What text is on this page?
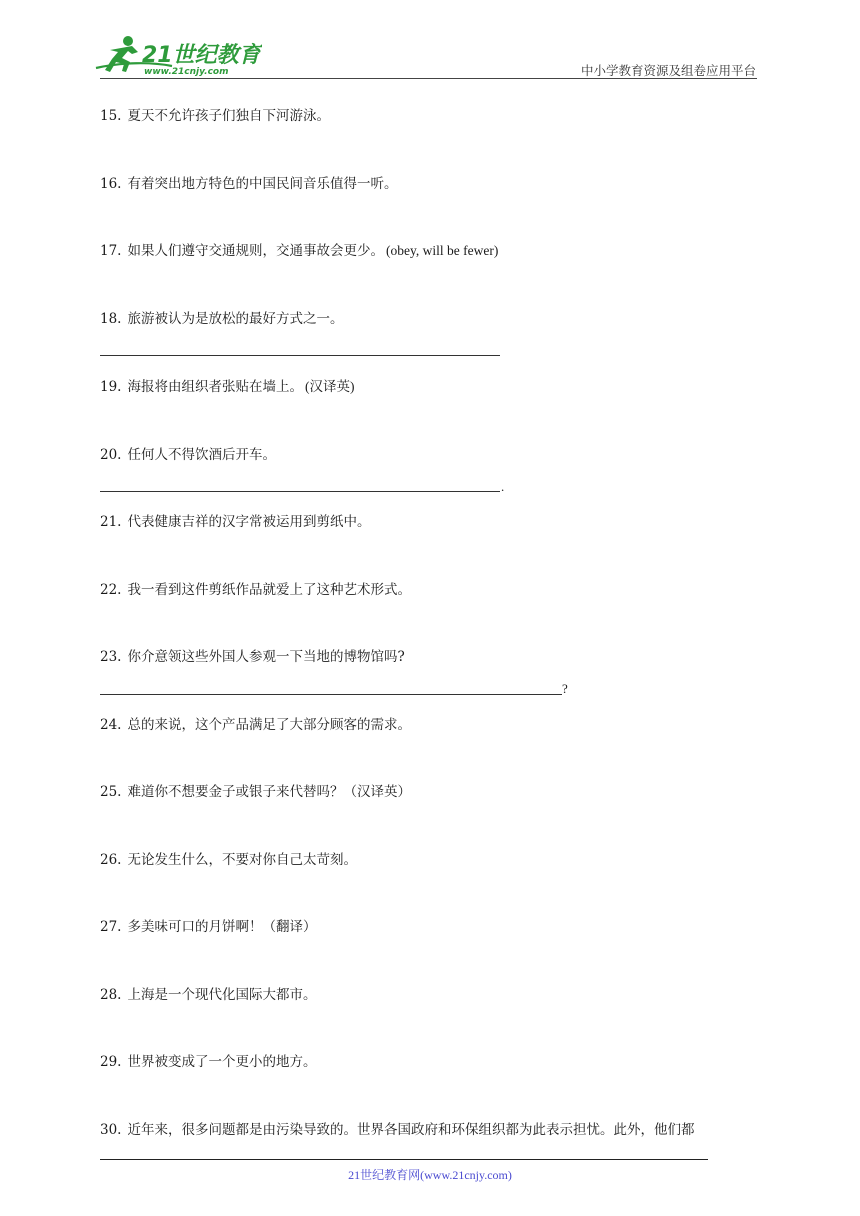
21世纪教育
www.21cnjy.com	中小学教育资源及组卷应用平台
15. 夏天不允许孩子们独自下河游泳。
16. 有着突出地方特色的中国民间音乐值得一听。
17. 如果人们遵守交通规则，交通事故会更少。 (obey, will be fewer)
18. 旅游被认为是放松的最好方式之一。
19. 海报将由组织者张贴在墙上。 (汉译英)
20. 任何人不得饮酒后开车。
.
21. 代表健康吉祥的汉字常被运用到剪纸中。
22. 我一看到这件剪纸作品就爱上了这种艺术形式。
23. 你介意领这些外国人参观一下当地的博物馆吗?
?
24. 总的来说，这个产品满足了大部分顾客的需求。
25. 难道你不想要金子或银子来代替吗？（汉译英）
26. 无论发生什么，不要对你自己太苛刻。
27. 多美味可口的月饼啊！（翻译）
28. 上海是一个现代化国际大都市。
29. 世界被变成了一个更小的地方。
30. 近年来，很多问题都是由污染导致的。世界各国政府和环保组织都为此表示担忧。此外，他们都
21世纪教育网(www.21cnjy.com)
